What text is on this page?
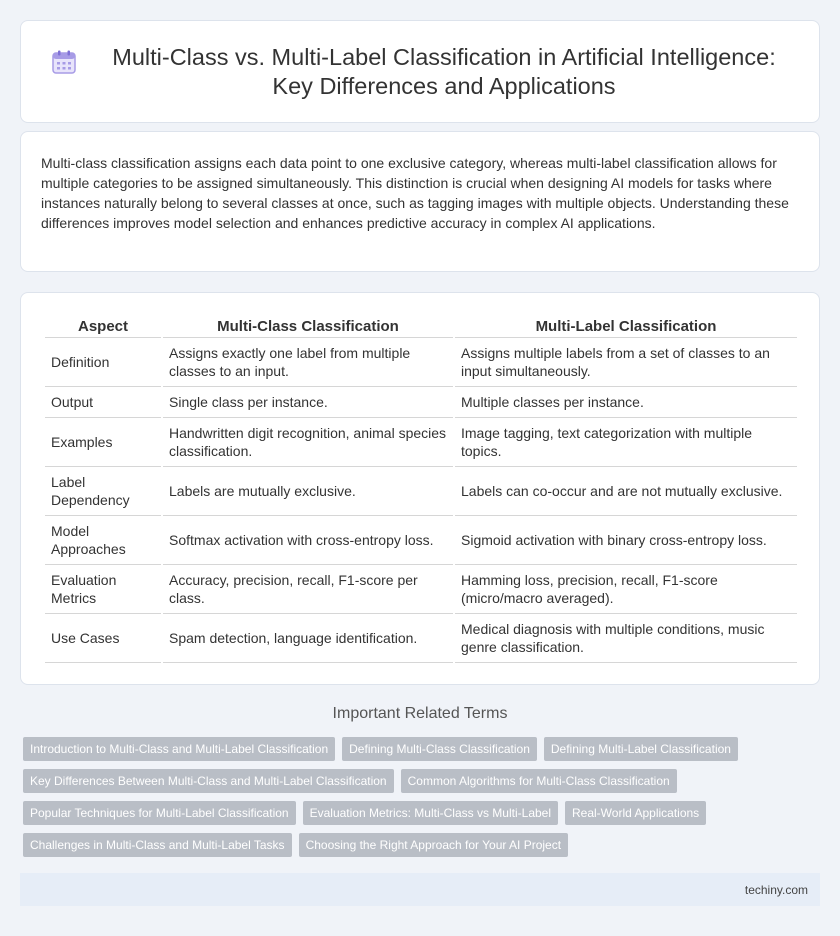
Multi-Class vs. Multi-Label Classification in Artificial Intelligence: Key Differences and Applications

Multi-class classification assigns each data point to one exclusive category, whereas multi-label classification allows for multiple categories to be assigned simultaneously. This distinction is crucial when designing AI models for tasks where instances naturally belong to several classes at once, such as tagging images with multiple objects. Understanding these differences improves model selection and enhances predictive accuracy in complex AI applications.

Aspect	Multi-Class Classification	Multi-Label Classification
Definition	Assigns exactly one label from multiple classes to an input.	Assigns multiple labels from a set of classes to an input simultaneously.
Output	Single class per instance.	Multiple classes per instance.
Examples	Handwritten digit recognition, animal species classification.	Image tagging, text categorization with multiple topics.
Label Dependency	Labels are mutually exclusive.	Labels can co-occur and are not mutually exclusive.
Model Approaches	Softmax activation with cross-entropy loss.	Sigmoid activation with binary cross-entropy loss.
Evaluation Metrics	Accuracy, precision, recall, F1-score per class.	Hamming loss, precision, recall, F1-score (micro/macro averaged).
Use Cases	Spam detection, language identification.	Medical diagnosis with multiple conditions, music genre classification.
Important Related Terms
Introduction to Multi-Class and Multi-Label Classification	Defining Multi-Class Classification	Defining Multi-Label Classification
Key Differences Between Multi-Class and Multi-Label Classification	Common Algorithms for Multi-Class Classification
Popular Techniques for Multi-Label Classification	Evaluation Metrics: Multi-Class vs Multi-Label	Real-World Applications
Challenges in Multi-Class and Multi-Label Tasks	Choosing the Right Approach for Your AI Project
techiny.com
